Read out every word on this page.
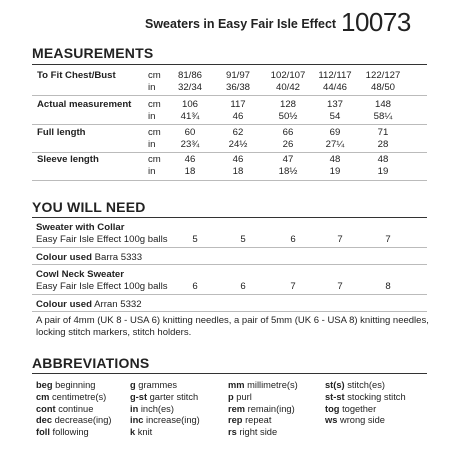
Sweaters in Easy Fair Isle Effect 10073
MEASUREMENTS
To Fit Chest/Bust	cm	81/86	91/97	102/107	112/117	122/127
in	32/34	36/38	40/42	44/46	48/50
Actual measurement cm	106	117	128	137	148
in	41¾	46	50½	54	58¼
Full length	cm	60	62	66	69	71
in	23¾	24½	26	27¼	28
Sleeve length	cm	46	46	47	48	48
in	18	18	18½	19	19
YOU WILL NEED
Sweater with Collar
Easy Fair Isle Effect 100g balls	5	5	6	7	7
Colour used Barra 5333
Cowl Neck Sweater
Easy Fair Isle Effect 100g balls	6	6	7	7	8
Colour used Arran 5332
A pair of 4mm (UK 8 - USA 6) knitting needles, a pair of 5mm (UK 6 - USA 8) knitting needles, locking stitch markers, stitch holders.
ABBREVIATIONS
beg beginning
cm centimetre(s)
cont continue
dec decrease(ing)
foll following
g grammes
g-st garter stitch
in inch(es)
inc increase(ing)
k knit
mm millimetre(s)
p purl
rem remain(ing)
rep repeat
rs right side
st(s) stitch(es)
st-st stocking stitch
tog together
ws wrong side
